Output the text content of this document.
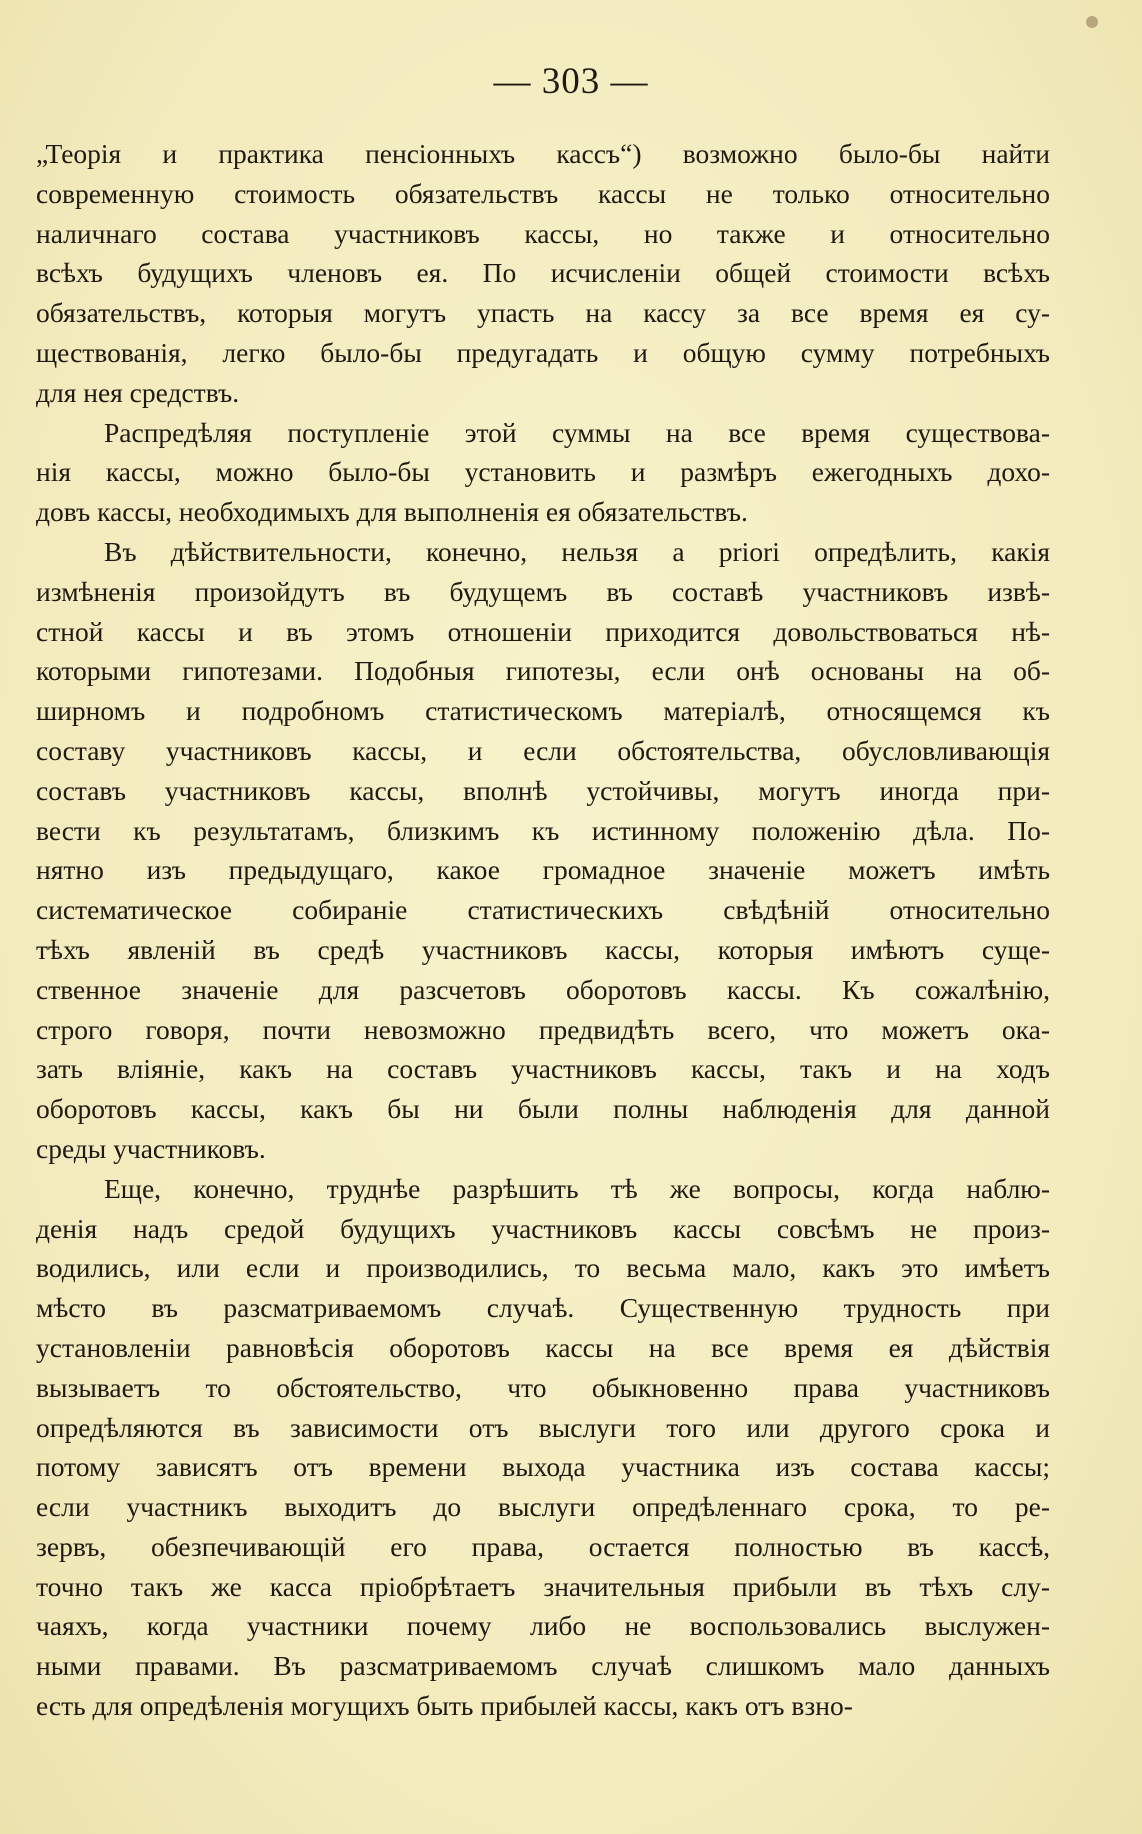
— 303 —
„Теорія и практика пенсіонныхъ кассъ“) возможно было-бы найти
современную стоимость обязательствъ кассы не только относительно
наличнаго состава участниковъ кассы, но также и относительно
всѣхъ будущихъ членовъ ея. По исчисленіи общей стоимости всѣхъ
обязательствъ, которыя могутъ упасть на кассу за все время ея су-
ществованія, легко было-бы предугадать и общую сумму потребныхъ
для нея средствъ.
Распредѣляя поступленіе этой суммы на все время существова-
нія кассы, можно было-бы установить и размѣръ ежегодныхъ дохо-
довъ кассы, необходимыхъ для выполненія ея обязательствъ.
Въ дѣйствительности, конечно, нельзя a priori опредѣлить, какія
измѣненія произойдутъ въ будущемъ въ составѣ участниковъ извѣ-
стной кассы и въ этомъ отношеніи приходится довольствоваться нѣ-
которыми гипотезами. Подобныя гипотезы, если онѣ основаны на об-
ширномъ и подробномъ статистическомъ матеріалѣ, относящемся къ
составу участниковъ кассы, и если обстоятельства, обусловливающія
составъ участниковъ кассы, вполнѣ устойчивы, могутъ иногда при-
вести къ результатамъ, близкимъ къ истинному положенію дѣла. По-
нятно изъ предыдущаго, какое громадное значеніе можетъ имѣть
систематическое собираніе статистическихъ свѣдѣній относительно
тѣхъ явленій въ средѣ участниковъ кассы, которыя имѣютъ суще-
ственное значеніе для разсчетовъ оборотовъ кассы. Къ сожалѣнію,
строго говоря, почти невозможно предвидѣть всего, что можетъ ока-
зать вліяніе, какъ на составъ участниковъ кассы, такъ и на ходъ
оборотовъ кассы, какъ бы ни были полны наблюденія для данной
среды участниковъ.
Еще, конечно, труднѣе разрѣшить тѣ же вопросы, когда наблю-
денія надъ средой будущихъ участниковъ кассы совсѣмъ не произ-
водились, или если и производились, то весьма мало, какъ это имѣетъ
мѣсто въ разсматриваемомъ случаѣ. Существенную трудность при
установленіи равновѣсія оборотовъ кассы на все время ея дѣйствія
вызываетъ то обстоятельство, что обыкновенно права участниковъ
опредѣляются въ зависимости отъ выслуги того или другого срока и
потому зависятъ отъ времени выхода участника изъ состава кассы;
если участникъ выходитъ до выслуги опредѣленнаго срока, то ре-
зервъ, обезпечивающій его права, остается полностью въ кассѣ,
точно такъ же касса пріобрѣтаетъ значительныя прибыли въ тѣхъ слу-
чаяхъ, когда участники почему либо не воспользовались выслужен-
ными правами. Въ разсматриваемомъ случаѣ слишкомъ мало данныхъ
есть для опредѣленія могущихъ быть прибылей кассы, какъ отъ взно-
